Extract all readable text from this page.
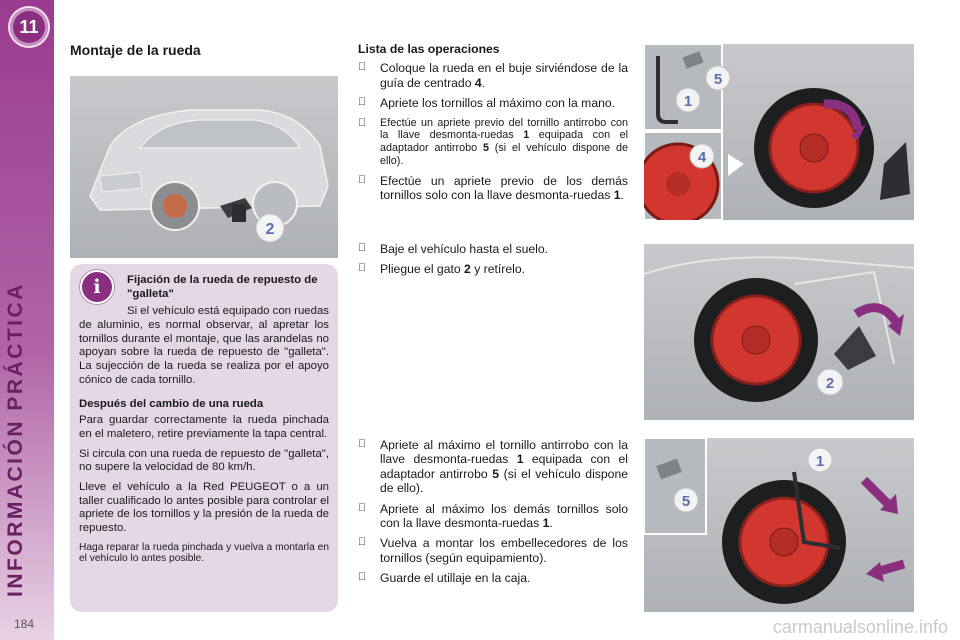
11
INFORMACIÓN PRÁCTICA
184
Montaje de la rueda
2
i	Fijación de la rueda de repuesto de "galleta"

Si el vehículo está equipado con ruedas de aluminio, es normal observar, al apretar los tornillos durante el montaje, que las arandelas no apoyan sobre la rueda de repuesto de "galleta". La sujección de la rueda se realiza por el apoyo cónico de cada tornillo.

Después del cambio de una rueda

Para guardar correctamente la rueda pinchada en el maletero, retire previamente la tapa central.

Si circula con una rueda de repuesto de "galleta", no supere la velocidad de 80 km/h.

Lleve el vehículo a la Red PEUGEOT o a un taller cualificado lo antes posible para controlar el apriete de los tornillos y la presión de la rueda de repuesto.

Haga reparar la rueda pinchada y vuelva a montarla en el vehículo lo antes posible.

Lista de las operaciones
Coloque la rueda en el buje sirviéndose de la guía de centrado 4.
Apriete los tornillos al máximo con la mano.
Efectúe un apriete previo del tornillo antirrobo con la llave desmonta-ruedas 1 equipada con el adaptador antirrobo 5 (si el vehículo dispone de ello).
Efectúe un apriete previo de los demás tornillos solo con la llave desmonta-ruedas 1.
Baje el vehículo hasta el suelo.
Pliegue el gato 2 y retírelo.
Apriete al máximo el tornillo antirrobo con la llave desmonta-ruedas 1 equipada con el adaptador antirrobo 5 (si el vehículo dispone de ello).
Apriete al máximo los demás tornillos solo con la llave desmonta-ruedas 1.
Vuelva a montar los embellecedores de los tornillos (según equipamiento).
Guarde el utillaje en la caja.
5
1
4
2
5
1
carmanualsonline.info
